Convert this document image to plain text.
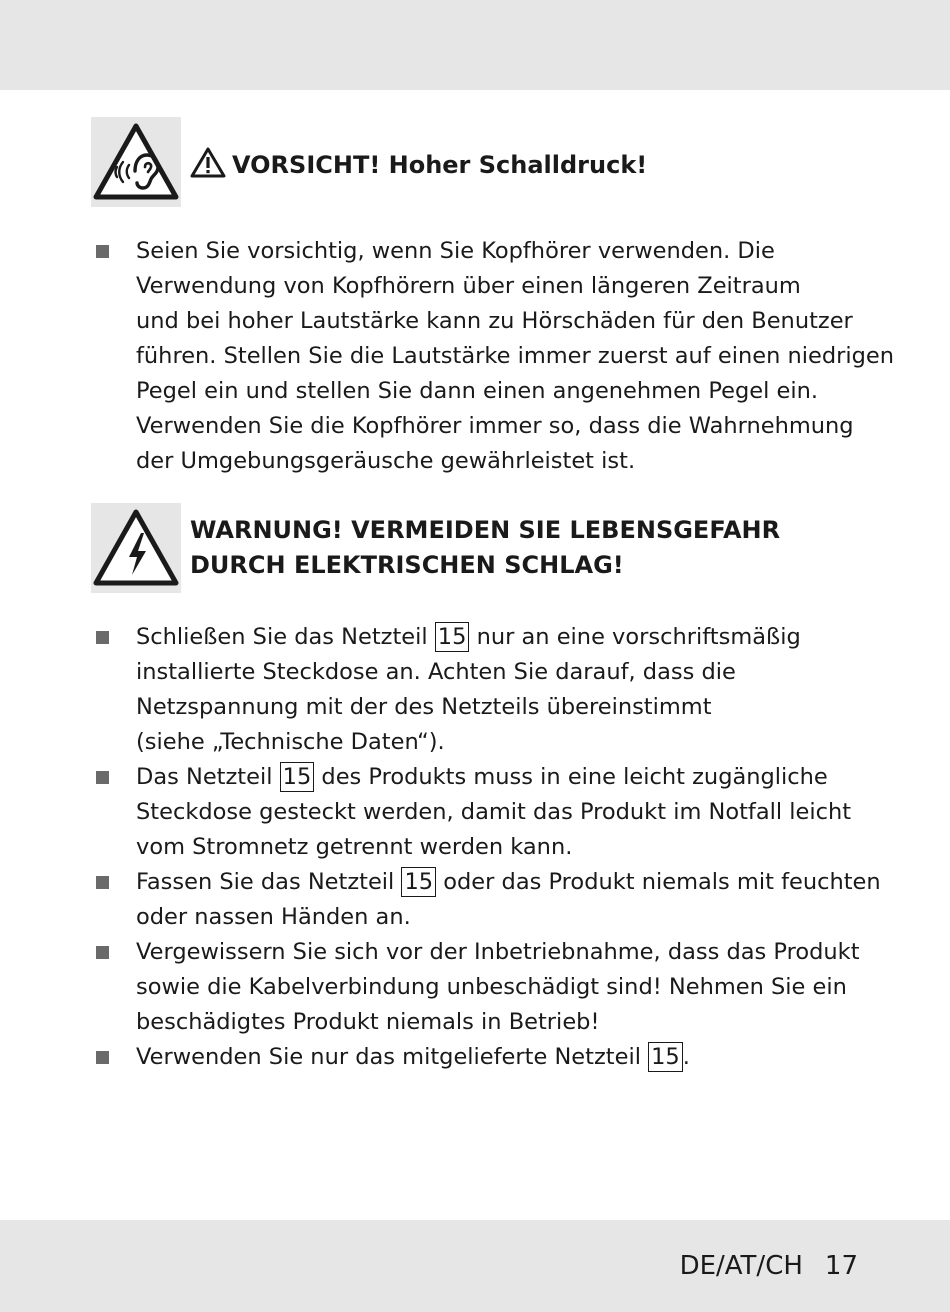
VORSICHT! Hoher Schalldruck!
Seien Sie vorsichtig, wenn Sie Kopfhörer verwenden. Die
Verwendung von Kopfhörern über einen längeren Zeitraum
und bei hoher Lautstärke kann zu Hörschäden für den Benutzer
führen. Stellen Sie die Lautstärke immer zuerst auf einen niedrigen
Pegel ein und stellen Sie dann einen angenehmen Pegel ein.
Verwenden Sie die Kopfhörer immer so, dass die Wahrnehmung
der Umgebungsgeräusche gewährleistet ist.
WARNUNG! VERMEIDEN SIE LEBENSGEFAHR
DURCH ELEKTRISCHEN SCHLAG!
Schließen Sie das Netzteil 15 nur an eine vorschriftsmäßig
installierte Steckdose an. Achten Sie darauf, dass die
Netzspannung mit der des Netzteils übereinstimmt
(siehe „Technische Daten“).
Das Netzteil 15 des Produkts muss in eine leicht zugängliche
Steckdose gesteckt werden, damit das Produkt im Notfall leicht
vom Stromnetz getrennt werden kann.
Fassen Sie das Netzteil 15 oder das Produkt niemals mit feuchten
oder nassen Händen an.
Vergewissern Sie sich vor der Inbetriebnahme, dass das Produkt
sowie die Kabelverbindung unbeschädigt sind! Nehmen Sie ein
beschädigtes Produkt niemals in Betrieb!
Verwenden Sie nur das mitgelieferte Netzteil 15 .
DE/AT/CH 17
